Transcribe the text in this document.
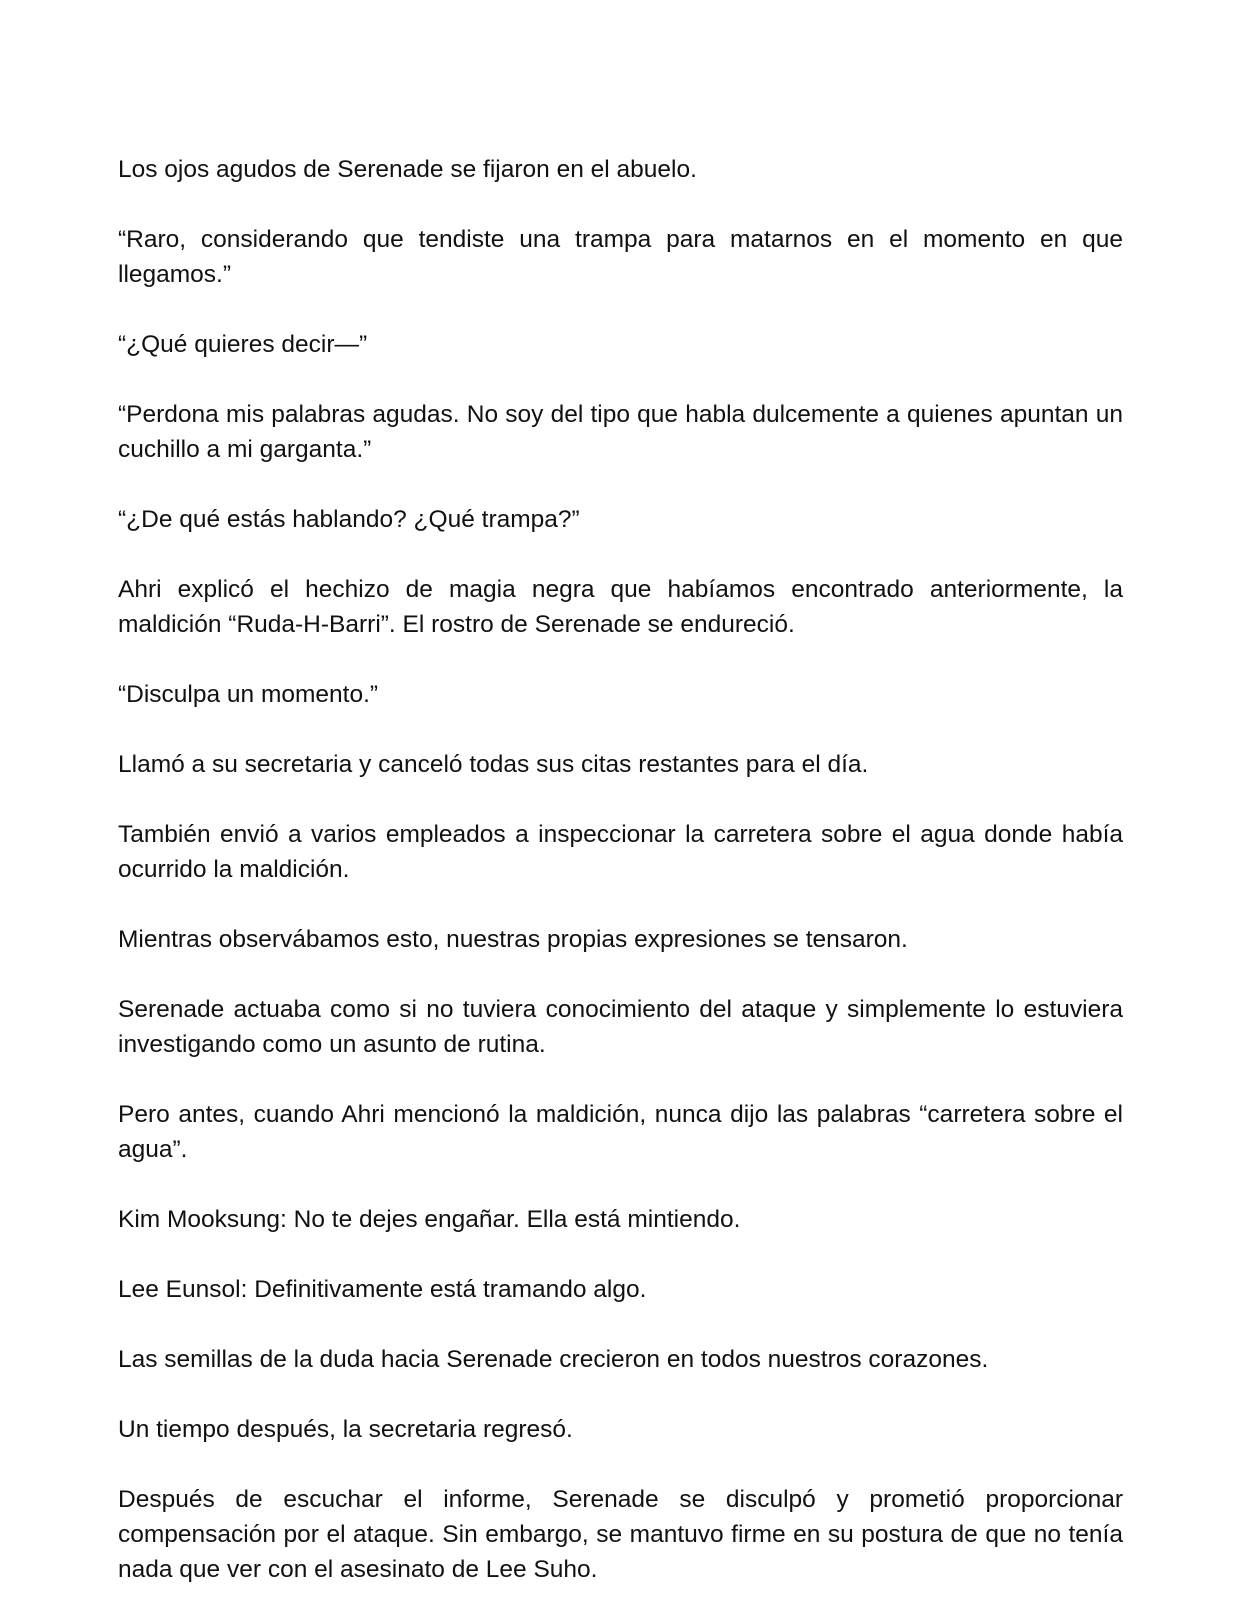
Los ojos agudos de Serenade se fijaron en el abuelo.

“Raro, considerando que tendiste una trampa para matarnos en el momento en que llegamos.”

“¿Qué quieres decir—”

“Perdona mis palabras agudas. No soy del tipo que habla dulcemente a quienes apuntan un cuchillo a mi garganta.”

“¿De qué estás hablando? ¿Qué trampa?”

Ahri explicó el hechizo de magia negra que habíamos encontrado anteriormente, la maldición “Ruda-H-Barri”. El rostro de Serenade se endureció.

“Disculpa un momento.”

Llamó a su secretaria y canceló todas sus citas restantes para el día.

También envió a varios empleados a inspeccionar la carretera sobre el agua donde había ocurrido la maldición.

Mientras observábamos esto, nuestras propias expresiones se tensaron.

Serenade actuaba como si no tuviera conocimiento del ataque y simplemente lo estuviera investigando como un asunto de rutina.

Pero antes, cuando Ahri mencionó la maldición, nunca dijo las palabras “carretera sobre el agua”.

Kim Mooksung: No te dejes engañar. Ella está mintiendo.

Lee Eunsol: Definitivamente está tramando algo.

Las semillas de la duda hacia Serenade crecieron en todos nuestros corazones.

Un tiempo después, la secretaria regresó.

Después de escuchar el informe, Serenade se disculpó y prometió proporcionar compensación por el ataque. Sin embargo, se mantuvo firme en su postura de que no tenía nada que ver con el asesinato de Lee Suho.
